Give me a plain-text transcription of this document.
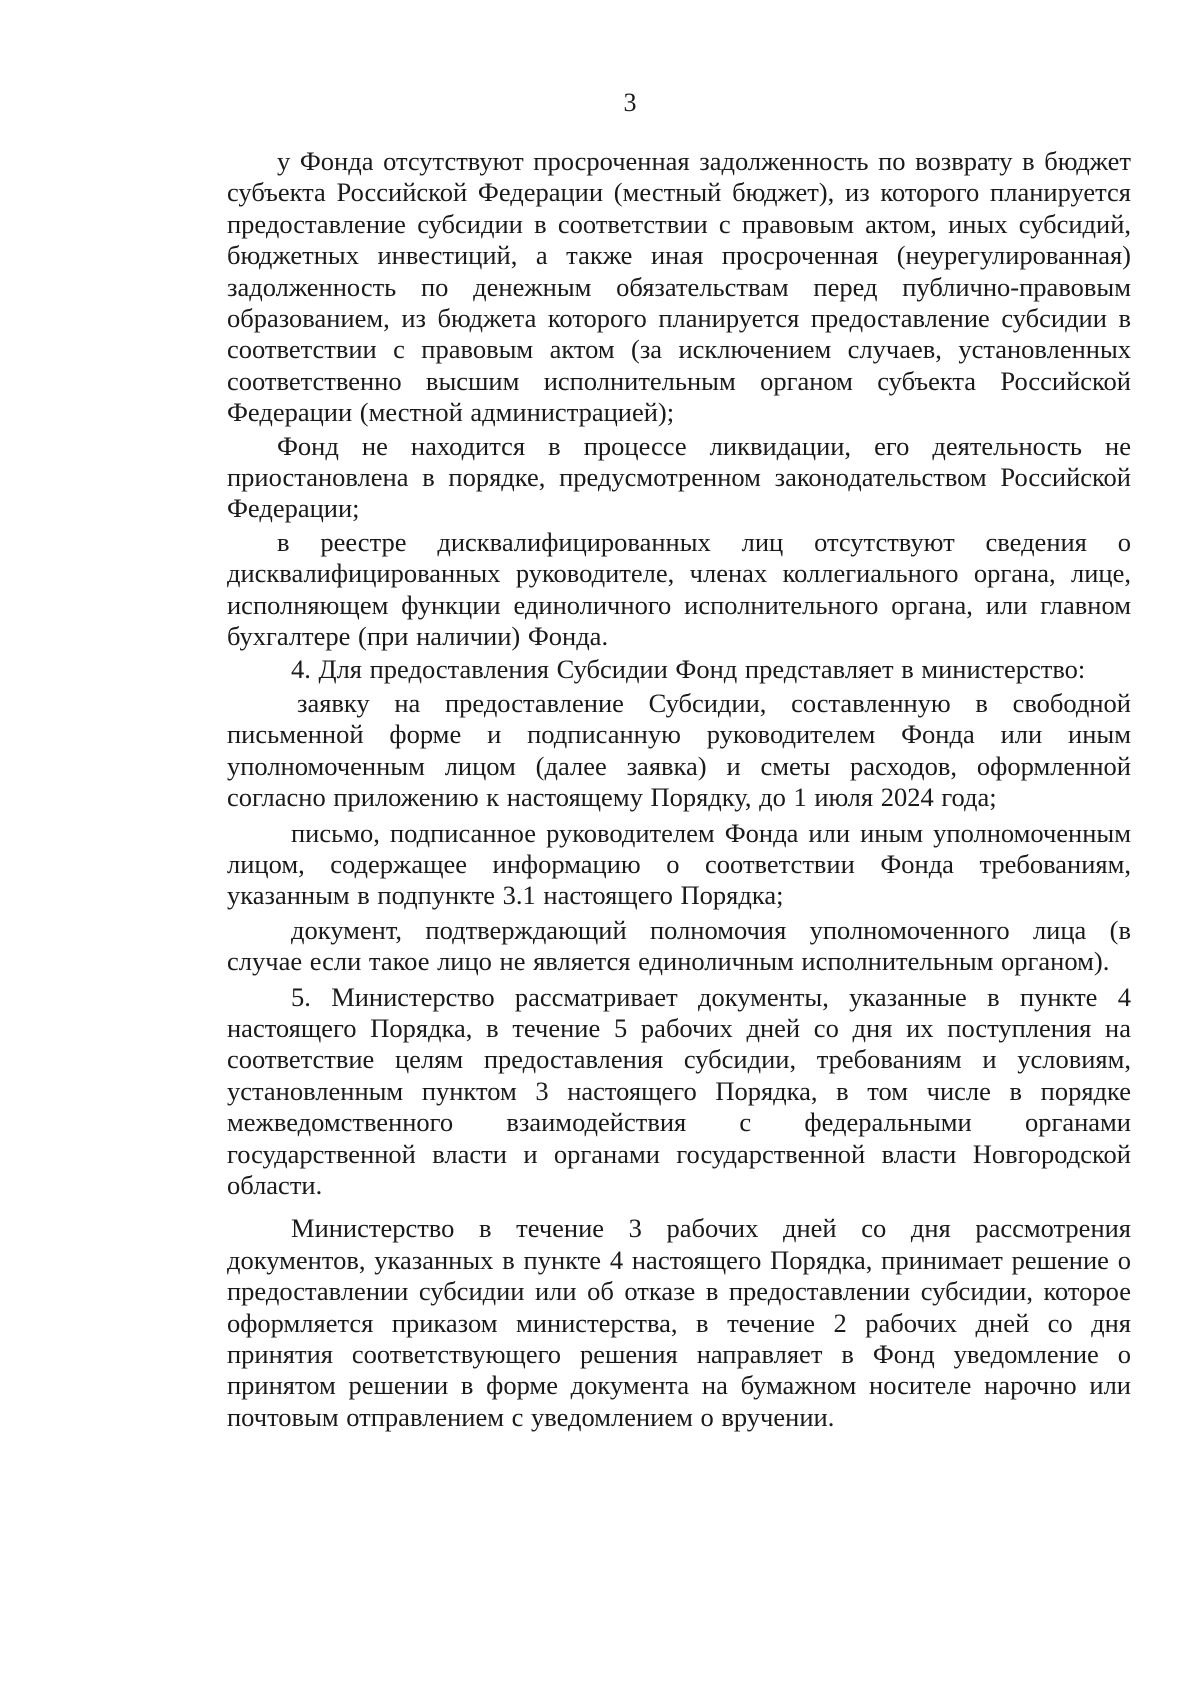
3

у Фонда отсутствуют просроченная задолженность по возврату в бюджет субъекта Российской Федерации (местный бюджет), из которого планируется предоставление субсидии в соответствии с правовым актом, иных субсидий, бюджетных инвестиций, а также иная просроченная (неурегулированная) задолженность по денежным обязательствам перед публично-правовым образованием, из бюджета которого планируется предоставление субсидии в соответствии с правовым актом (за исключением случаев, установленных соответственно высшим исполнительным органом субъекта Российской Федерации (местной администрацией);

Фонд не находится в процессе ликвидации, его деятельность не приостановлена в порядке, предусмотренном законодательством Российской Федерации;

в реестре дисквалифицированных лиц отсутствуют сведения о дисквалифицированных руководителе, членах коллегиального органа, лице, исполняющем функции единоличного исполнительного органа, или главном бухгалтере (при наличии) Фонда.

4. Для предоставления Субсидии Фонд представляет в министерство:

заявку на предоставление Субсидии, составленную в свободной письменной форме и подписанную руководителем Фонда или иным уполномоченным лицом (далее заявка) и сметы расходов, оформленной согласно приложению к настоящему Порядку, до 1 июля 2024 года;

письмо, подписанное руководителем Фонда или иным уполномоченным лицом, содержащее информацию о соответствии Фонда требованиям, указанным в подпункте 3.1 настоящего Порядка;

документ, подтверждающий полномочия уполномоченного лица (в случае если такое лицо не является единоличным исполнительным органом).

5. Министерство рассматривает документы, указанные в пункте 4 настоящего Порядка, в течение 5 рабочих дней со дня их поступления на соответствие целям предоставления субсидии, требованиям и условиям, установленным пунктом 3 настоящего Порядка, в том числе в порядке межведомственного взаимодействия с федеральными органами государственной власти и органами государственной власти Новгородской области.

Министерство в течение 3 рабочих дней со дня рассмотрения документов, указанных в пункте 4 настоящего Порядка, принимает решение о предоставлении субсидии или об отказе в предоставлении субсидии, которое оформляется приказом министерства, в течение 2 рабочих дней со дня принятия соответствующего решения направляет в Фонд уведомление о принятом решении в форме документа на бумажном носителе нарочно или почтовым отправлением с уведомлением о вручении.
